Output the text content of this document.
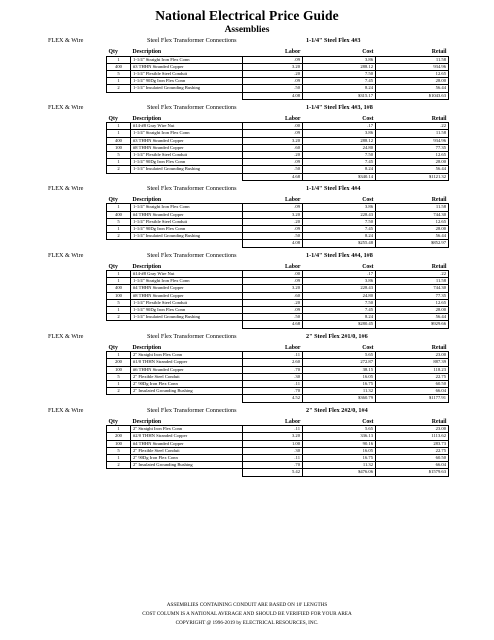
National Electrical Price Guide
Assemblies
FLEX & Wire	Steel Flex Transformer Connections	1-1/4" Steel Flex 4#3
Qty	Description	Labor	Cost	Retail
1	1-1/4" Straight Iron Flex Conn	.09	3.86	11.58
400	#3 THHN Stranded Copper	3.20	288.12	934.96
5	1-1/4" Flexible Steel Conduit	.20	7.50	12.65
1	1-1/4" 90Dg Iron Flex Conn	.09	7.45	28.00
2	1-1/4" Insulated Grounding Bushing	.50	8.24	56.44
		4.08	$315.17	$1043.63
FLEX & Wire	Steel Flex Transformer Connections	1-1/4" Steel Flex 4#3, 1#8
Qty	Description	Labor	Cost	Retail
1	#14-#8 Gray Wire Nut	.00	.17	.22
1	1-1/4" Straight Iron Flex Conn	.09	3.86	11.58
400	#3 THHN Stranded Copper	3.20	288.12	934.96
100	#8 THHN Stranded Copper	.60	24.80	77.35
5	1-1/4" Flexible Steel Conduit	.20	7.50	12.65
1	1-1/4" 90Dg Iron Flex Conn	.09	7.45	28.00
2	1-1/4" Insulated Grounding Bushing	.50	8.24	56.44
		4.68	$340.14	$1121.32
FLEX & Wire	Steel Flex Transformer Connections	1-1/4" Steel Flex 4#4
Qty	Description	Labor	Cost	Retail
1	1-1/4" Straight Iron Flex Conn	.09	3.86	11.58
400	#4 THHN Stranded Copper	3.20	228.43	744.30
5	1-1/4" Flexible Steel Conduit	.20	7.50	12.65
1	1-1/4" 90Dg Iron Flex Conn	.09	7.45	28.00
2	1-1/4" Insulated Grounding Bushing	.50	8.24	56.44
		4.08	$255.48	$852.97
FLEX & Wire	Steel Flex Transformer Connections	1-1/4" Steel Flex 4#4, 1#8
Qty	Description	Labor	Cost	Retail
1	#14-#8 Gray Wire Nut	.00	.17	.22
1	1-1/4" Straight Iron Flex Conn	.09	3.86	11.58
400	#4 THHN Stranded Copper	3.20	228.43	744.30
100	#8 THHN Stranded Copper	.60	24.80	77.35
5	1-1/4" Flexible Steel Conduit	.20	7.50	12.65
1	1-1/4" 90Dg Iron Flex Conn	.09	7.45	28.00
2	1-1/4" Insulated Grounding Bushing	.50	8.24	56.44
		4.68	$280.45	$929.66
FLEX & Wire	Steel Flex Transformer Connections	2" Steel Flex 2#1/0, 1#6
Qty	Description	Labor	Cost	Retail
1	2" Straight Iron Flex Conn	.11	5.65	23.00
200	#1/0 THHN Stranded Copper	2.60	272.87	887.39
100	#6 THHN Stranded Copper	.70	38.15	118.23
5	2" Flexible Steel Conduit	.30	16.05	22.75
1	2" 90Dg Iron Flex Conn	.11	16.75	60.50
2	2" Insulated Grounding Bushing	.70	11.32	66.04
		4.52	$360.79	$1177.91
FLEX & Wire	Steel Flex Transformer Connections	2" Steel Flex 2#2/0, 1#4
Qty	Description	Labor	Cost	Retail
1	2" Straight Iron Flex Conn	.11	5.65	23.00
200	#2/0 THHN Stranded Copper	3.20	336.13	1113.62
100	#4 THHN Stranded Copper	1.00	90.16	283.73
5	2" Flexible Steel Conduit	.30	16.05	22.75
1	2" 90Dg Iron Flex Conn	.11	16.75	60.50
2	2" Insulated Grounding Bushing	.70	11.32	66.04
		5.42	$476.06	$1579.63
ASSEMBLIES CONTAINING CONDUIT ARE BASED ON 10' LENGTHS
COST COLUMN IS A NATIONAL AVERAGE AND SHOULD BE VERIFIED FOR YOUR AREA
COPYRIGHT @ 1996-2019 by ELECTRICAL RESOURCES, INC.
